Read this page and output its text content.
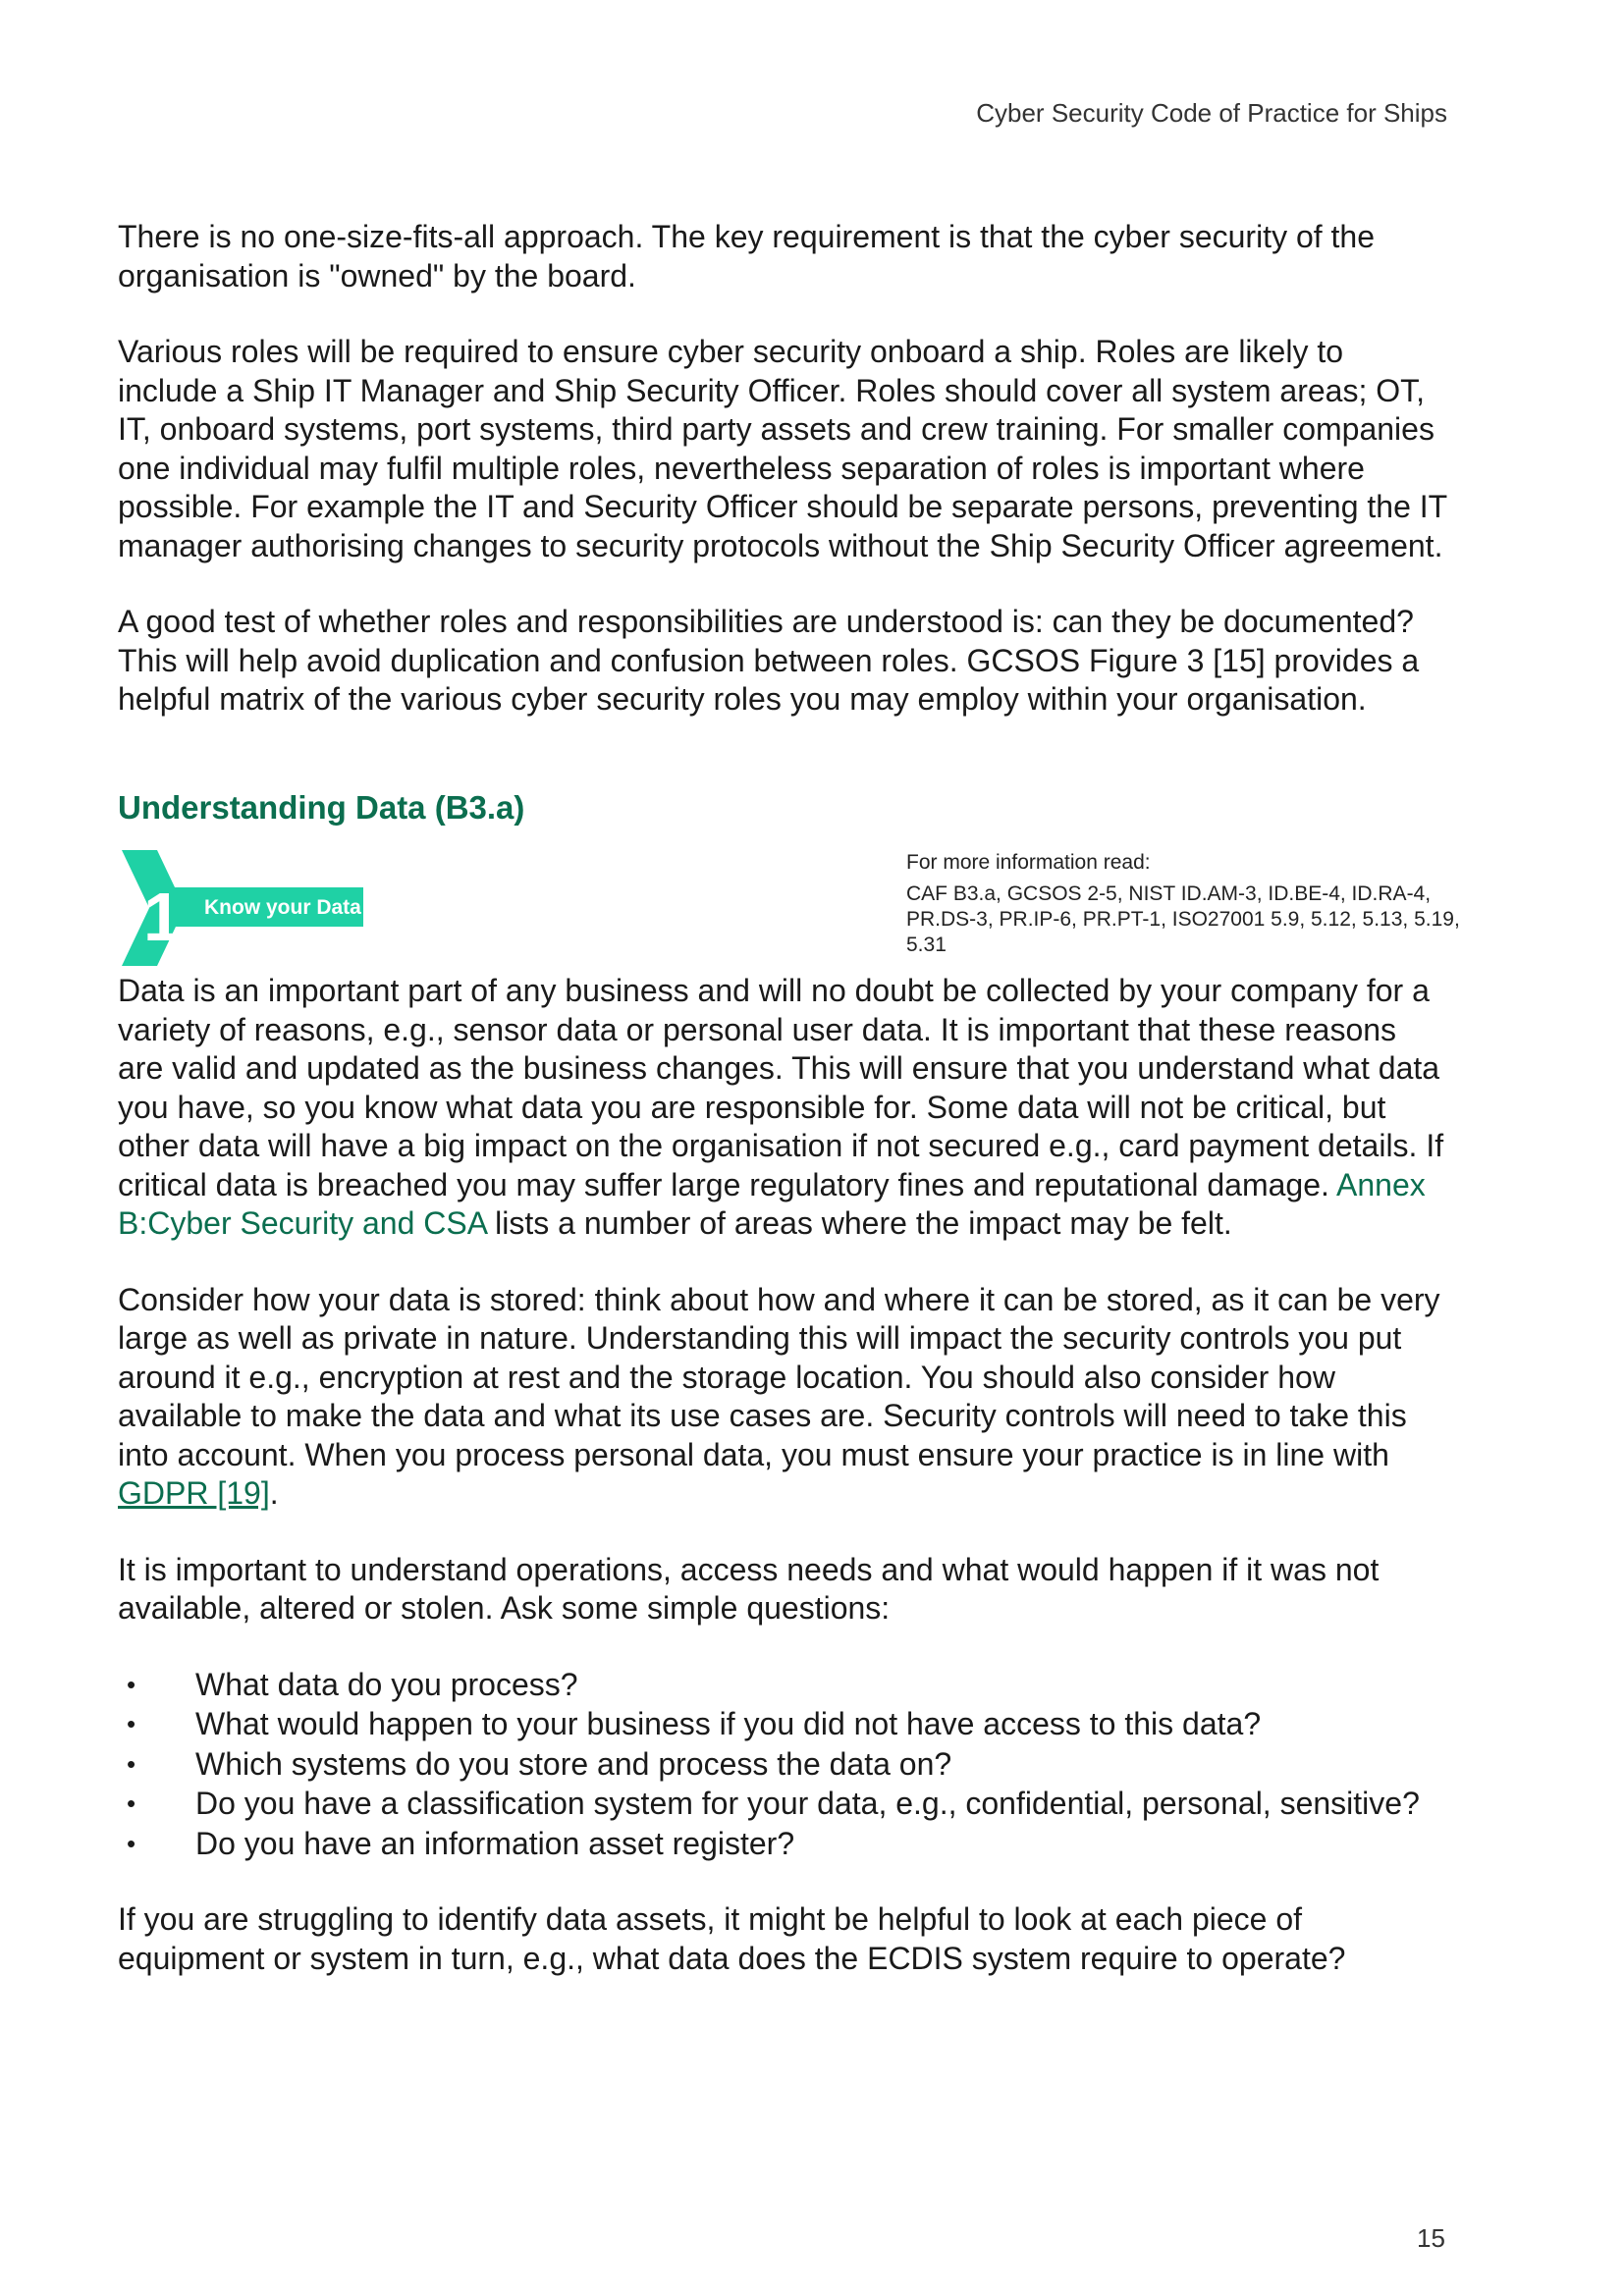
Cyber Security Code of Practice for Ships

There is no one-size-fits-all approach. The key requirement is that the cyber security of the organisation is "owned" by the board.

Various roles will be required to ensure cyber security onboard a ship. Roles are likely to include a Ship IT Manager and Ship Security Officer. Roles should cover all system areas; OT, IT, onboard systems, port systems, third party assets and crew training. For smaller companies one individual may fulfil multiple roles, nevertheless separation of roles is important where possible. For example the IT and Security Officer should be separate persons, preventing the IT manager authorising changes to security protocols without the Ship Security Officer agreement.

A good test of whether roles and responsibilities are understood is: can they be documented? This will help avoid duplication and confusion between roles. GCSOS Figure 3 [15] provides a helpful matrix of the various cyber security roles you may employ within your organisation.

Understanding Data (B3.a)
1 Know your Data
For more information read:
CAF B3.a, GCSOS 2-5, NIST ID.AM-3, ID.BE-4, ID.RA-4, PR.DS-3, PR.IP-6, PR.PT-1, ISO27001 5.9, 5.12, 5.13, 5.19, 5.31

Data is an important part of any business and will no doubt be collected by your company for a variety of reasons, e.g., sensor data or personal user data. It is important that these reasons are valid and updated as the business changes. This will ensure that you understand what data you have, so you know what data you are responsible for. Some data will not be critical, but other data will have a big impact on the organisation if not secured e.g., card payment details. If critical data is breached you may suffer large regulatory fines and reputational damage. Annex B:Cyber Security and CSA lists a number of areas where the impact may be felt.

Consider how your data is stored: think about how and where it can be stored, as it can be very large as well as private in nature. Understanding this will impact the security controls you put around it e.g., encryption at rest and the storage location. You should also consider how available to make the data and what its use cases are. Security controls will need to take this into account. When you process personal data, you must ensure your practice is in line with GDPR [19].

It is important to understand operations, access needs and what would happen if it was not available, altered or stolen. Ask some simple questions:

• What data do you process?
• What would happen to your business if you did not have access to this data?
• Which systems do you store and process the data on?
• Do you have a classification system for your data, e.g., confidential, personal, sensitive?
• Do you have an information asset register?

If you are struggling to identify data assets, it might be helpful to look at each piece of equipment or system in turn, e.g., what data does the ECDIS system require to operate?

15
